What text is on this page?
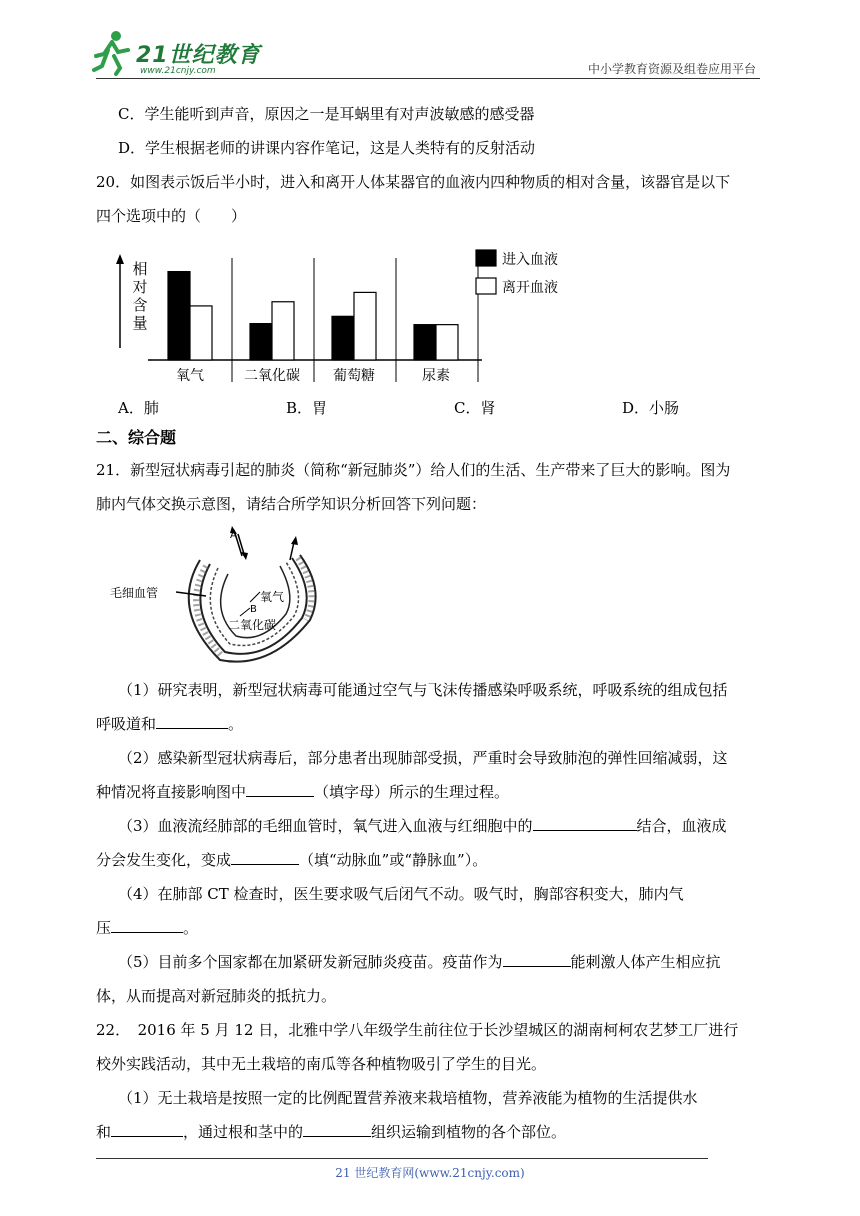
21世纪教育
www.21cnjy.com	中小学教育资源及组卷应用平台
C．学生能听到声音，原因之一是耳蜗里有对声波敏感的感受器
D．学生根据老师的讲课内容作笔记，这是人类特有的反射活动
20．如图表示饭后半小时，进入和离开人体某器官的血液内四种物质的相对含量，该器官是以下
四个选项中的（　　）
相
对
含
量
氧气	二氧化碳 葡萄糖	尿素
进入血液
离开血液
A．肺	B．胃	C．肾	D．小肠
二、综合题
21．新型冠状病毒引起的肺炎（简称“新冠肺炎”）给人们的生活、生产带来了巨大的影响。图为
肺内气体交换示意图，请结合所学知识分析回答下列问题：
毛细血管
A
氧气
B
二氧化碳
（1）研究表明，新型冠状病毒可能通过空气与飞沫传播感染呼吸系统，呼吸系统的组成包括
呼吸道和	。
（2）感染新型冠状病毒后，部分患者出现肺部受损，严重时会导致肺泡的弹性回缩减弱，这
种情况将直接影响图中	（填字母）所示的生理过程。
（3）血液流经肺部的毛细血管时，氧气进入血液与红细胞中的	结合，血液成
分会发生变化，变成	（填“动脉血”或“静脉血”）。
（4）在肺部 CT 检查时，医生要求吸气后闭气不动。吸气时，胸部容积变大，肺内气
压	。
（5）目前多个国家都在加紧研发新冠肺炎疫苗。疫苗作为	能刺激人体产生相应抗
体，从而提高对新冠肺炎的抵抗力。
22．　2016 年 5 月 12 日，北雅中学八年级学生前往位于长沙望城区的湖南柯柯农艺梦工厂进行
校外实践活动，其中无土栽培的南瓜等各种植物吸引了学生的目光。
（1）无土栽培是按照一定的比例配置营养液来栽培植物，营养液能为植物的生活提供水
和	，通过根和茎中的	组织运输到植物的各个部位。
21 世纪教育网(www.21cnjy.com)
